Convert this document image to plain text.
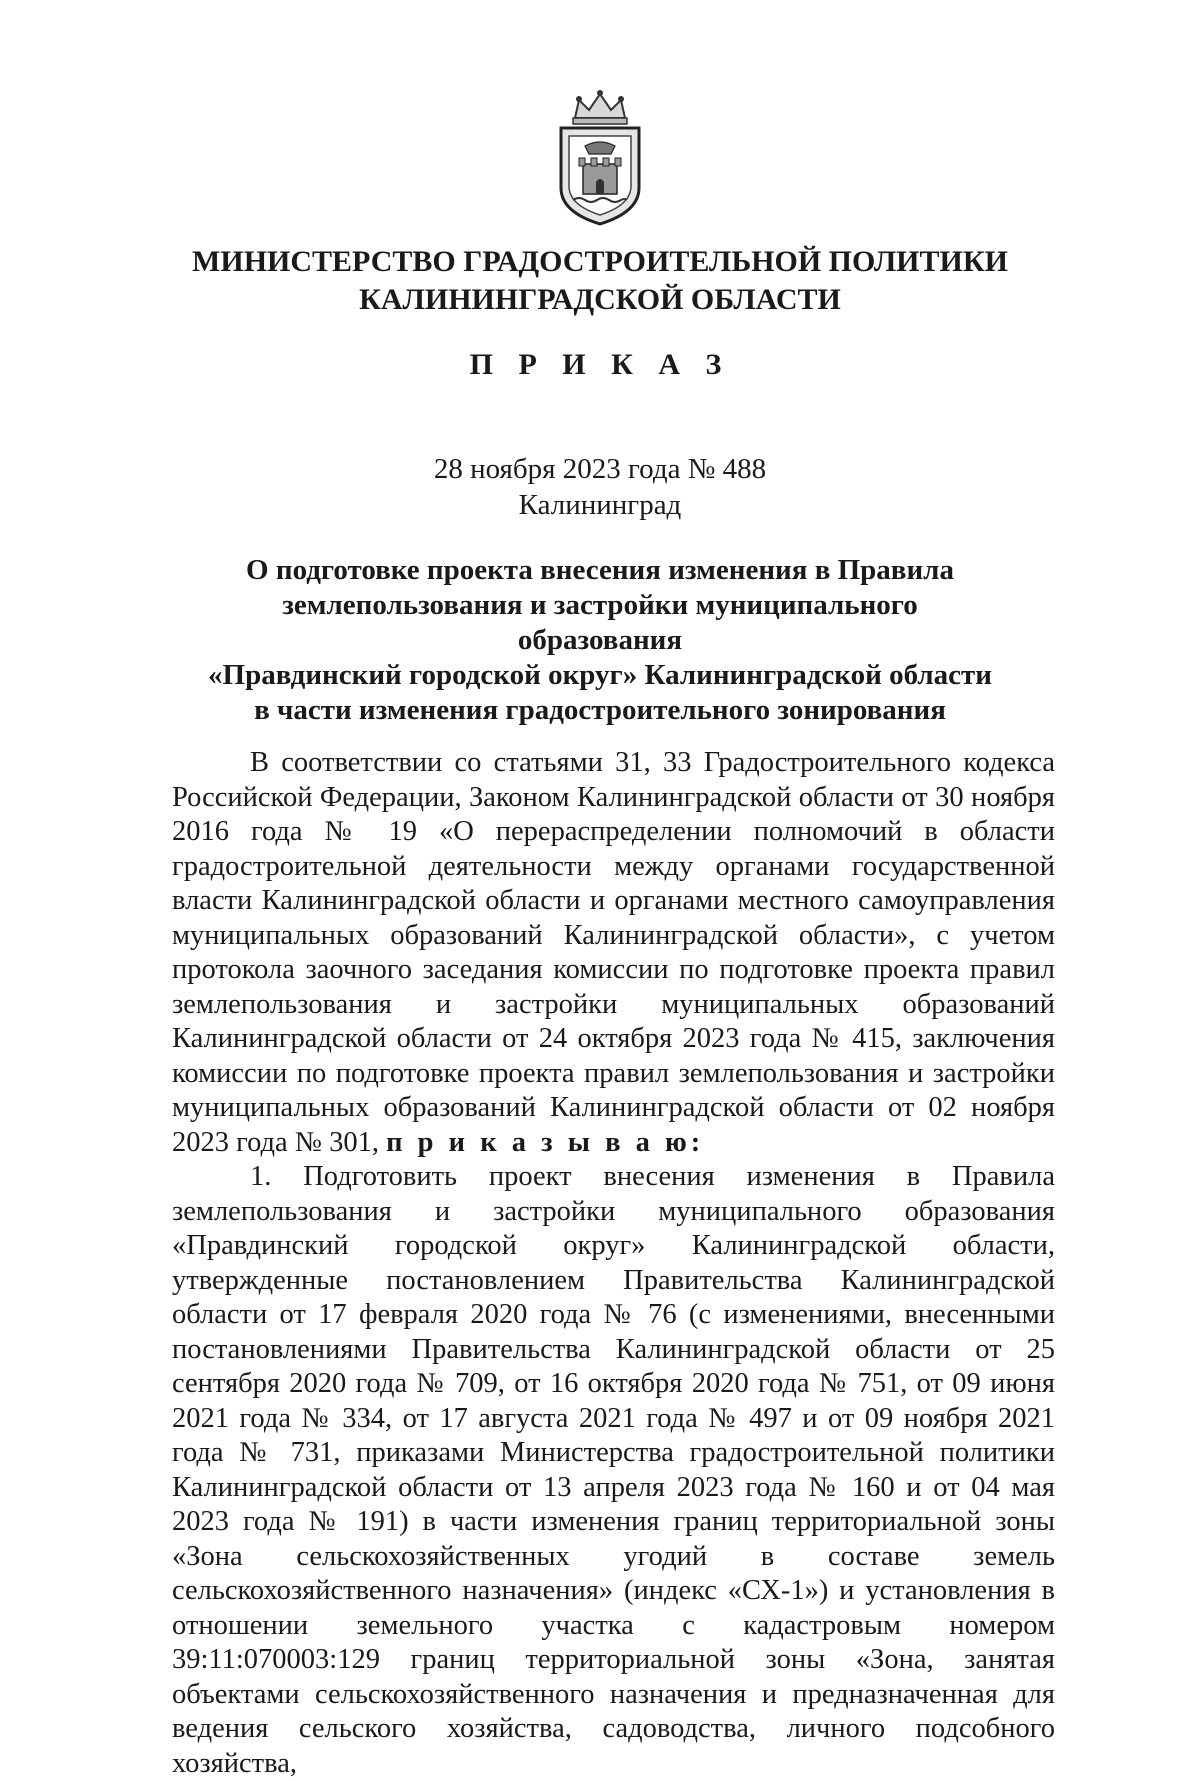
МИНИСТЕРСТВО ГРАДОСТРОИТЕЛЬНОЙ ПОЛИТИКИ
КАЛИНИНГРАДСКОЙ ОБЛАСТИ
П Р И К А З
28 ноября 2023 года № 488
Калининград
О подготовке проекта внесения изменения в Правила
землепользования и застройки муниципального образования
«Правдинский городской округ» Калининградской области
в части изменения градостроительного зонирования

В соответствии со статьями 31, 33 Градостроительного кодекса Российской Федерации, Законом Калининградской области от 30 ноября 2016 года № 19 «О перераспределении полномочий в области градостроительной деятельности между органами государственной власти Калининградской области и органами местного самоуправления муниципальных образований Калининградской области», с учетом протокола заочного заседания комиссии по подготовке проекта правил землепользования и застройки муниципальных образований Калининградской области от 24 октября 2023 года № 415, заключения комиссии по подготовке проекта правил землепользования и застройки муниципальных образований Калининградской области от 02 ноября 2023 года № 301, п р и к а з ы в а ю:

1. Подготовить проект внесения изменения в Правила землепользования и застройки муниципального образования «Правдинский городской округ» Калининградской области, утвержденные постановлением Правительства Калининградской области от 17 февраля 2020 года № 76 (с изменениями, внесенными постановлениями Правительства Калининградской области от 25 сентября 2020 года № 709, от 16 октября 2020 года № 751, от 09 июня 2021 года № 334, от 17 августа 2021 года № 497 и от 09 ноября 2021 года № 731, приказами Министерства градостроительной политики Калининградской области от 13 апреля 2023 года № 160 и от 04 мая 2023 года № 191) в части изменения границ территориальной зоны «Зона сельскохозяйственных угодий в составе земель сельскохозяйственного назначения» (индекс «СХ-1») и установления в отношении земельного участка с кадастровым номером 39:11:070003:129 границ территориальной зоны «Зона, занятая объектами сельскохозяйственного назначения и предназначенная для ведения сельского хозяйства, садоводства, личного подсобного хозяйства,
